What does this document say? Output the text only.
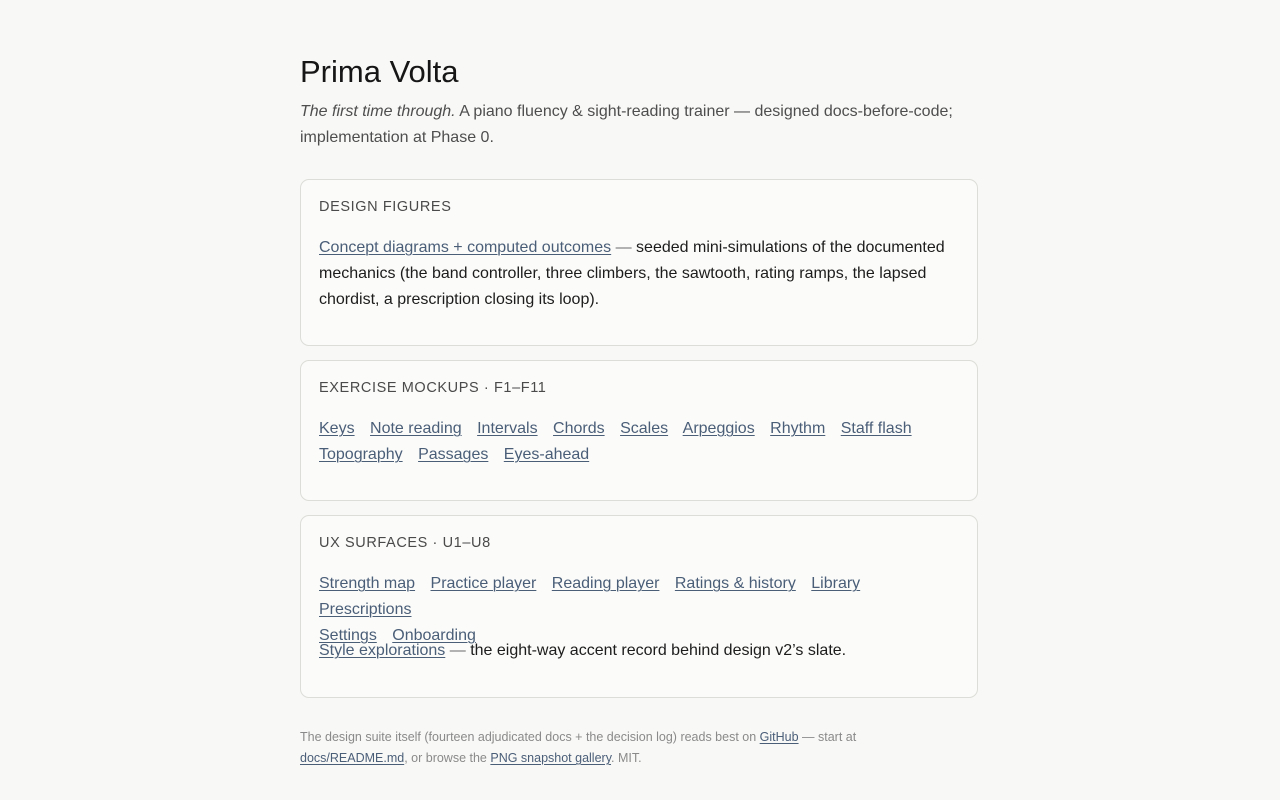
Prima Volta
The first time through. A piano fluency & sight-reading trainer — designed docs-before-code; implementation at Phase 0.
DESIGN FIGURES
Concept diagrams + computed outcomes — seeded mini-simulations of the documented mechanics (the band controller, three climbers, the sawtooth, rating ramps, the lapsed chordist, a prescription closing its loop).
EXERCISE MOCKUPS · F1–F11
Keys Note reading Intervals Chords Scales Arpeggios Rhythm Staff flash
Topography Passages Eyes-ahead
UX SURFACES · U1–U8
Strength map Practice player Reading player Ratings & history Library Prescriptions
Settings Onboarding
Style explorations — the eight-way accent record behind design v2’s slate.
The design suite itself (fourteen adjudicated docs + the decision log) reads best on GitHub — start at
docs/README.md, or browse the PNG snapshot gallery. MIT.
